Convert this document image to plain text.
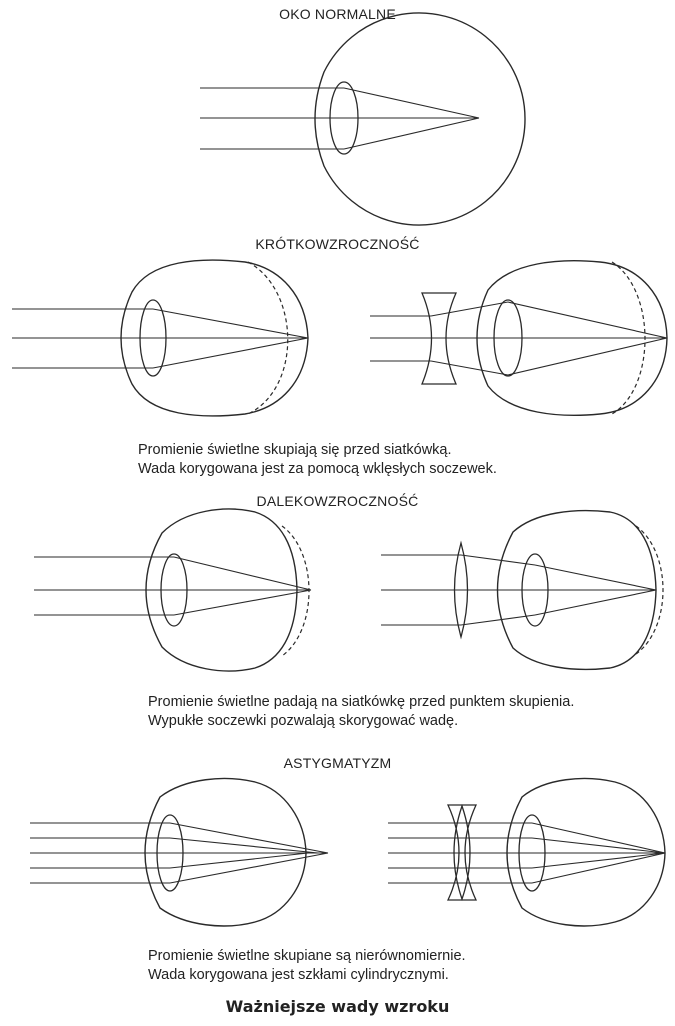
OKO NORMALNE
KRÓTKOWZROCZNOŚĆ
DALEKOWZROCZNOŚĆ
ASTYGMATYZM
Promienie świetlne skupiają się przed siatkówką.
Wada korygowana jest za pomocą wklęsłych soczewek.
Promienie świetlne padają na siatkówkę przed punktem skupienia.
Wypukłe soczewki pozwalają skorygować wadę.
Promienie świetlne skupiane są nierównomiernie.
Wada korygowana jest szkłami cylindrycznymi.
Ważniejsze wady wzroku
